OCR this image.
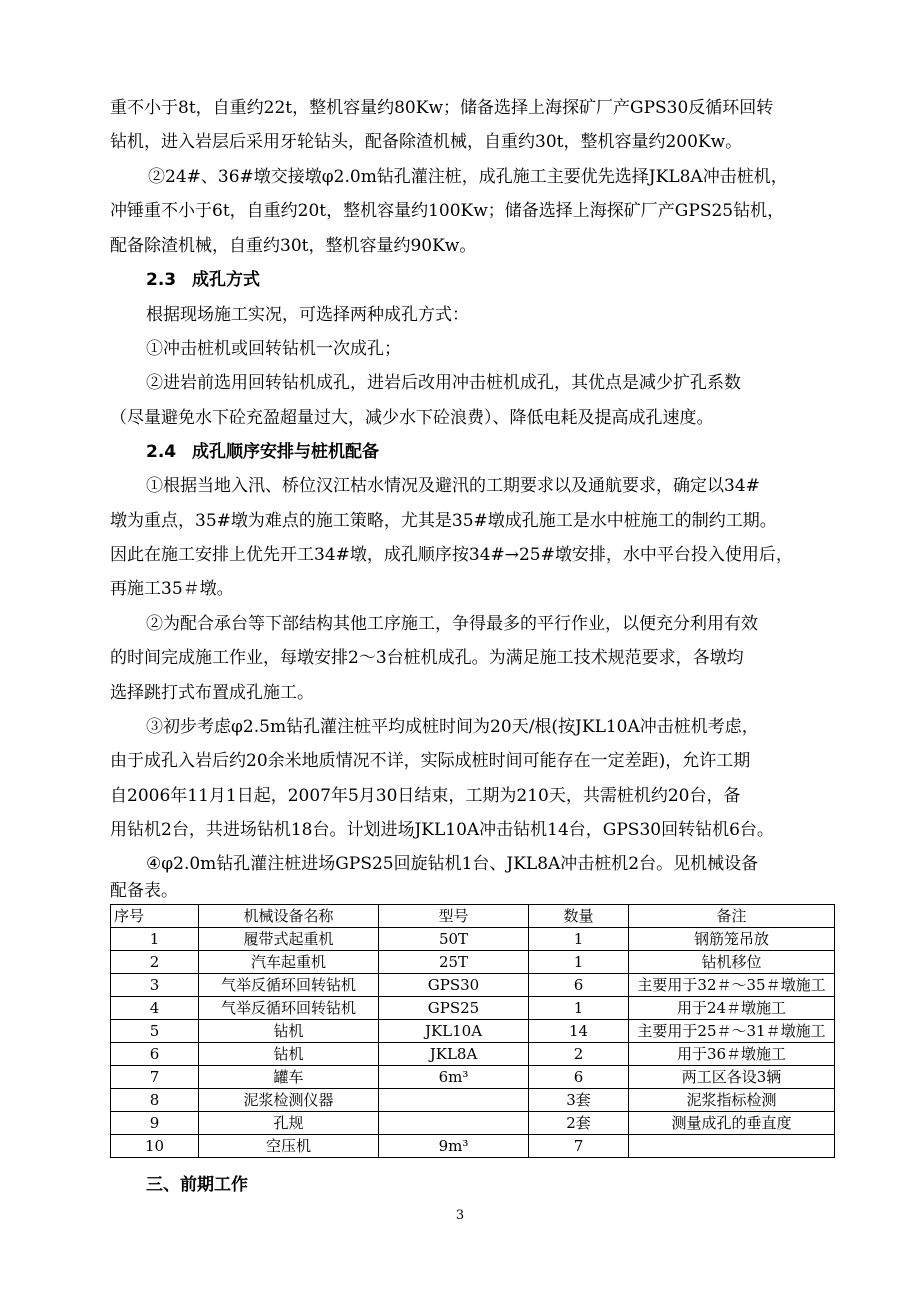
重不小于8t，自重约22t，整机容量约80Kw；储备选择上海探矿厂产GPS30反循环回转
钻机，进入岩层后采用牙轮钻头，配备除渣机械，自重约30t，整机容量约200Kw。
②24#、36#墩交接墩φ2.0m钻孔灌注桩，成孔施工主要优先选择JKL8A冲击桩机，
冲锤重不小于6t，自重约20t，整机容量约100Kw；储备选择上海探矿厂产GPS25钻机，
配备除渣机械，自重约30t，整机容量约90Kw。
2.3 成孔方式
根据现场施工实况，可选择两种成孔方式：
①冲击桩机或回转钻机一次成孔；
②进岩前选用回转钻机成孔，进岩后改用冲击桩机成孔，其优点是减少扩孔系数
（尽量避免水下砼充盈超量过大，减少水下砼浪费）、降低电耗及提高成孔速度。
2.4 成孔顺序安排与桩机配备
①根据当地入汛、桥位汉江枯水情况及避汛的工期要求以及通航要求，确定以34#
墩为重点，35#墩为难点的施工策略，尤其是35#墩成孔施工是水中桩施工的制约工期。
因此在施工安排上优先开工34#墩，成孔顺序按34#→25#墩安排，水中平台投入使用后，
再施工35＃墩。
②为配合承台等下部结构其他工序施工，争得最多的平行作业，以便充分利用有效
的时间完成施工作业，每墩安排2～3台桩机成孔。为满足施工技术规范要求，各墩均
选择跳打式布置成孔施工。
③初步考虑φ2.5m钻孔灌注桩平均成桩时间为20天/根(按JKL10A冲击桩机考虑，
由于成孔入岩后约20余米地质情况不详，实际成桩时间可能存在一定差距)，允许工期
自2006年11月1日起，2007年5月30日结束，工期为210天，共需桩机约20台，备
用钻机2台，共进场钻机18台。计划进场JKL10A冲击钻机14台，GPS30回转钻机6台。
④φ2.0m钻孔灌注桩进场GPS25回旋钻机1台、JKL8A冲击桩机2台。见机械设备
配备表。
序号	机械设备名称	型号	数量	备注
1	履带式起重机	50T	1	钢筋笼吊放
2	汽车起重机	25T	1	钻机移位
3	气举反循环回转钻机	GPS30	6	主要用于32＃～35＃墩施工
4	气举反循环回转钻机	GPS25	1	用于24＃墩施工
5	钻机	JKL10A	14	主要用于25＃～31＃墩施工
6	钻机	JKL8A	2	用于36＃墩施工
7	罐车	6m³	6	两工区各设3辆
8	泥浆检测仪器		3套	泥浆指标检测
9	孔规		2套	测量成孔的垂直度
10	空压机	9m³	7	
三、前期工作
3
